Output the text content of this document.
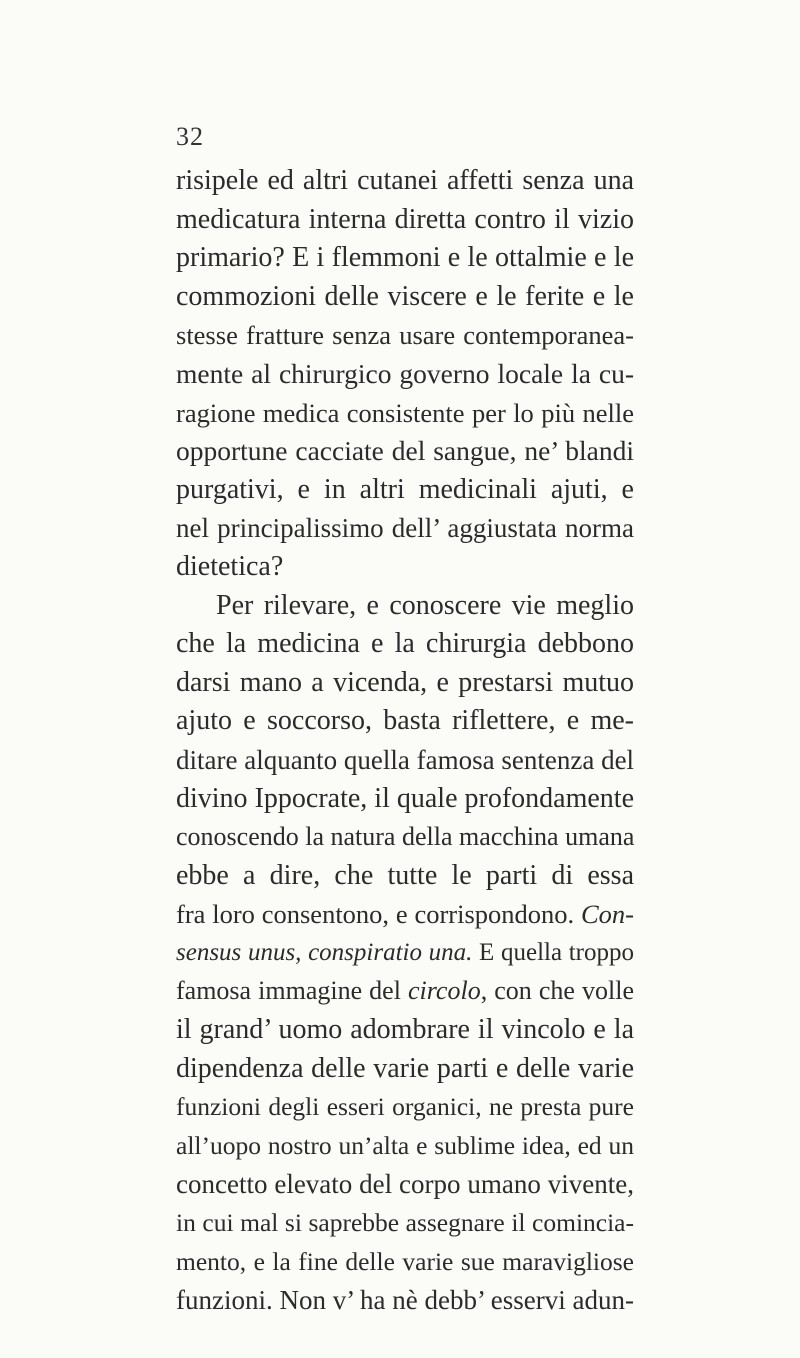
32
risipele ed altri cutanei affetti senza una
medicatura interna diretta contro il vizio
primario? E i flemmoni e le ottalmie e le
commozioni delle viscere e le ferite e le
stesse fratture senza usare contemporanea-
mente al chirurgico governo locale la cu-
ragione medica consistente per lo più nelle
opportune cacciate del sangue, ne’ blandi
purgativi, e in altri medicinali ajuti, e
nel principalissimo dell’ aggiustata norma
dietetica?
Per rilevare, e conoscere vie meglio
che la medicina e la chirurgia debbono
darsi mano a vicenda, e prestarsi mutuo
ajuto e soccorso, basta riflettere, e me-
ditare alquanto quella famosa sentenza del
divino Ippocrate, il quale profondamente
conoscendo la natura della macchina umana
ebbe a dire, che tutte le parti di essa
fra loro consentono, e corrispondono. Con-
sensus unus, conspiratio una. E quella troppo
famosa immagine del circolo, con che volle
il grand’ uomo adombrare il vincolo e la
dipendenza delle varie parti e delle varie
funzioni degli esseri organici, ne presta pure
all’uopo nostro un’alta e sublime idea, ed un
concetto elevato del corpo umano vivente,
in cui mal si saprebbe assegnare il comincia-
mento, e la fine delle varie sue maravigliose
funzioni. Non v’ ha nè debb’ esservi adun-
